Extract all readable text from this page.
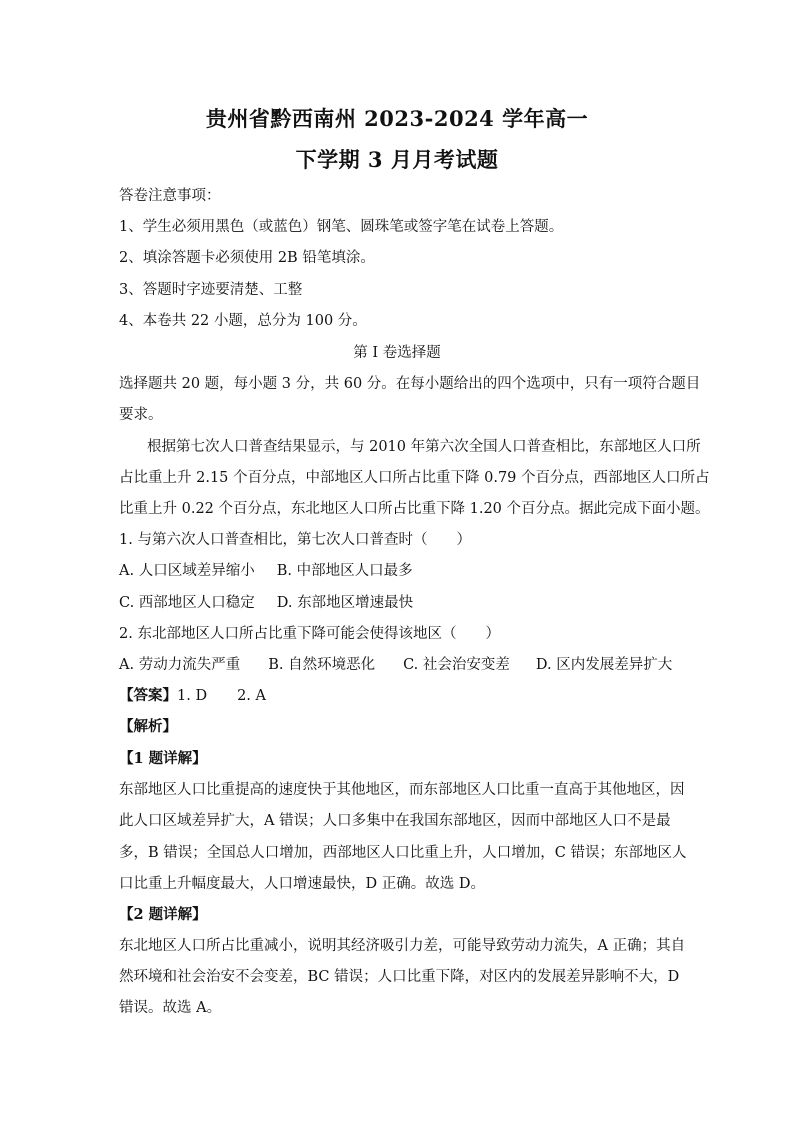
贵州省黔西南州 2023-2024 学年高一
下学期 3 月月考试题
答卷注意事项：
1、学生必须用黑色（或蓝色）钢笔、圆珠笔或签字笔在试卷上答题。
2、填涂答题卡必须使用 2B 铅笔填涂。
3、答题时字迹要清楚、工整
4、本卷共 22 小题，总分为 100 分。
第 I 卷选择题
选择题共 20 题，每小题 3 分，共 60 分。在每小题给出的四个选项中，只有一项符合题目
要求。
根据第七次人口普查结果显示，与 2010 年第六次全国人口普查相比，东部地区人口所
占比重上升 2.15 个百分点，中部地区人口所占比重下降 0.79 个百分点，西部地区人口所占
比重上升 0.22 个百分点，东北地区人口所占比重下降 1.20 个百分点。据此完成下面小题。
1. 与第六次人口普查相比，第七次人口普查时（　　）
A. 人口区域差异缩小 B. 中部地区人口最多
C. 西部地区人口稳定 D. 东部地区增速最快
2. 东北部地区人口所占比重下降可能会使得该地区（　　）
A. 劳动力流失严重 B. 自然环境恶化 C. 社会治安变差 D. 区内发展差异扩大
【答案】1. D 2. A
【解析】
【1 题详解】
东部地区人口比重提高的速度快于其他地区，而东部地区人口比重一直高于其他地区，因
此人口区域差异扩大，A 错误；人口多集中在我国东部地区，因而中部地区人口不是最
多，B 错误；全国总人口增加，西部地区人口比重上升，人口增加，C 错误；东部地区人
口比重上升幅度最大，人口增速最快，D 正确。故选 D。
【2 题详解】
东北地区人口所占比重减小，说明其经济吸引力差，可能导致劳动力流失，A 正确；其自
然环境和社会治安不会变差，BC 错误；人口比重下降，对区内的发展差异影响不大，D
错误。故选 A。
